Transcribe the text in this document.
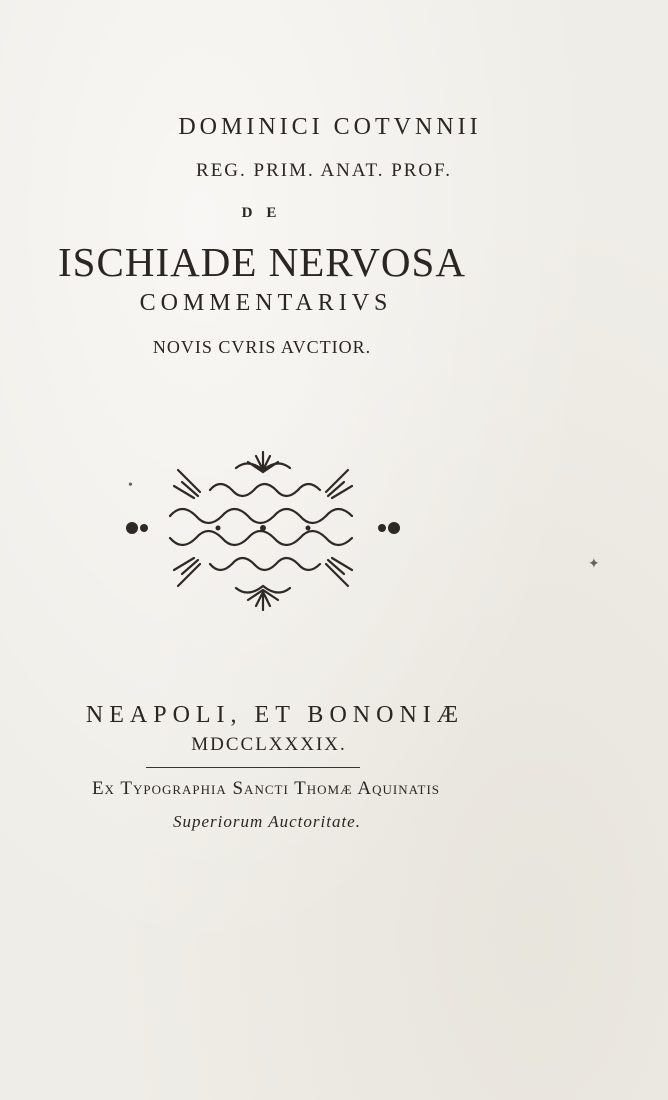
DOMINICI COTVNNII
REG. PRIM. ANAT. PROF.
DE
ISCHIADE NERVOSA
COMMENTARIVS
NOVIS CVRIS AVCTIOR.
NEAPOLI, ET BONONIÆ
MDCCLXXXIX.
Ex Typographia Sancti Thomæ Aquinatis
Superiorum Auctoritate.
•
✦
